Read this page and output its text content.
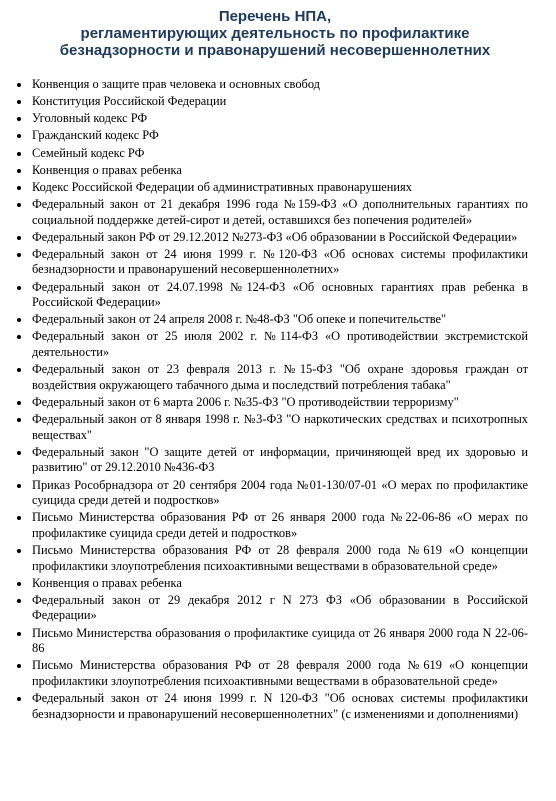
Перечень НПА,
регламентирующих деятельность по профилактике
безнадзорности и правонарушений несовершеннолетних
Конвенция о защите прав человека и основных свобод
Конституция Российской Федерации
Уголовный кодекс РФ
Гражданский кодекс РФ
Семейный кодекс РФ
Конвенция о правах ребенка
Кодекс Российской Федерации об административных правонарушениях
Федеральный закон от 21 декабря 1996 года №159-ФЗ «О дополнительных гарантиях по социальной поддержке детей-сирот и детей, оставшихся без попечения родителей»
Федеральный закон РФ от 29.12.2012 №273-ФЗ «Об образовании в Российской Федерации»
Федеральный закон от 24 июня 1999 г. №120-ФЗ «Об основах системы профилактики безнадзорности и правонарушений несовершеннолетних»
Федеральный закон от 24.07.1998 №124-ФЗ «Об основных гарантиях прав ребенка в Российской Федерации»
Федеральный закон от 24 апреля 2008 г. №48-ФЗ "Об опеке и попечительстве"
Федеральный закон от 25 июля 2002 г. №114-ФЗ «О противодействии экстремистской деятельности»
Федеральный закон от 23 февраля 2013 г. №15-ФЗ "Об охране здоровья граждан от воздействия окружающего табачного дыма и последствий потребления табака"
Федеральный закон от 6 марта 2006 г. №35-ФЗ "О противодействии терроризму"
Федеральный закон от 8 января 1998 г. №3-ФЗ "О наркотических средствах и психотропных веществах"
Федеральный закон "О защите детей от информации, причиняющей вред их здоровью и развитию" от 29.12.2010 №436-ФЗ
Приказ Рособрнадзора от 20 сентября 2004 года №01-130/07-01 «О мерах по профилактике суицида среди детей и подростков»
Письмо Министерства образования РФ от 26 января 2000 года №22-06-86 «О мерах по профилактике суицида среди детей и подростков»
Письмо Министерства образования РФ от 28 февраля 2000 года №619 «О концепции профилактики злоупотребления психоактивными веществами в образовательной среде»
Конвенция о правах ребенка
Федеральный закон от 29 декабря 2012 г N 273 ФЗ «Об образовании в Российской Федерации»
Письмо Министерства образования о профилактике суицида от 26 января 2000 года N 22-06-86
Письмо Министерства образования РФ от 28 февраля 2000 года №619 «О концепции профилактики злоупотребления психоактивными веществами в образовательной среде»
Федеральный закон от 24 июня 1999 г. N 120-ФЗ "Об основах системы профилактики безнадзорности и правонарушений несовершеннолетних" (с изменениями и дополнениями)
